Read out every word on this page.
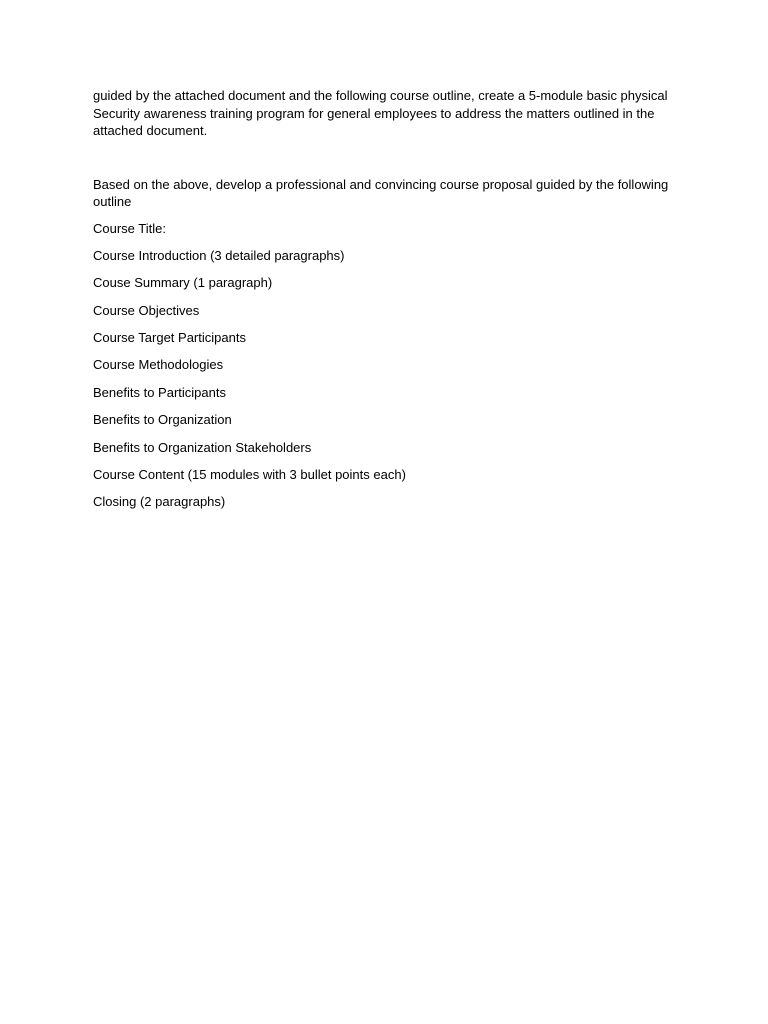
guided by the attached document and the following course outline, create a 5-module basic physical Security awareness training program for general employees to address the matters outlined in the attached document.

Based on the above, develop a professional and convincing course proposal guided by the following outline

Course Title:
Course Introduction (3 detailed paragraphs)
Couse Summary (1 paragraph)
Course Objectives
Course Target Participants
Course Methodologies
Benefits to Participants
Benefits to Organization
Benefits to Organization Stakeholders
Course Content (15 modules with 3 bullet points each)
Closing (2 paragraphs)
